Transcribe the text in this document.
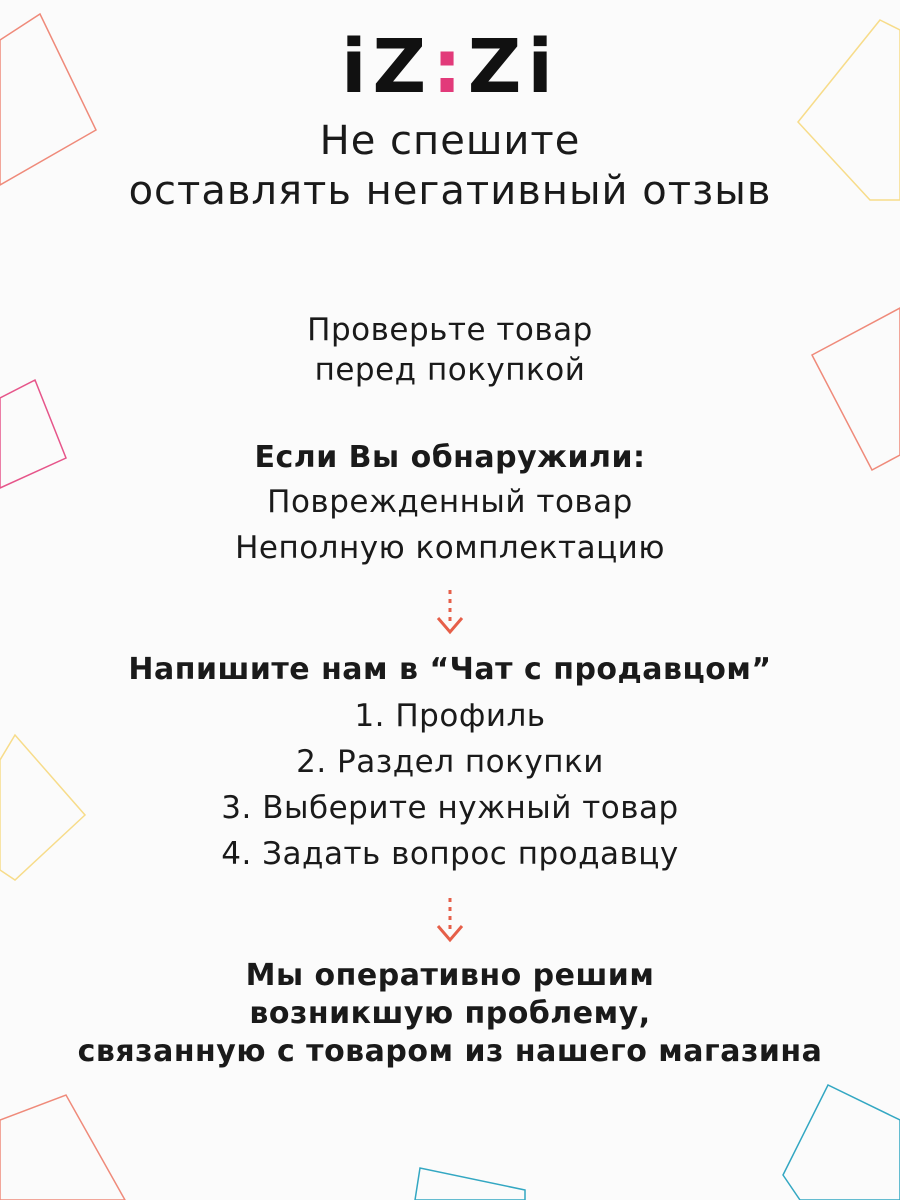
iZ:Zi
Не спешите
оставлять негативный отзыв
Проверьте товар
перед покупкой
Если Вы обнаружили:
Поврежденный товар
Неполную комплектацию
Напишите нам в “Чат с продавцом”
1. Профиль
2. Раздел покупки
3. Выберите нужный товар
4. Задать вопрос продавцу
Мы оперативно решим
возникшую проблему,
связанную с товаром из нашего магазина
